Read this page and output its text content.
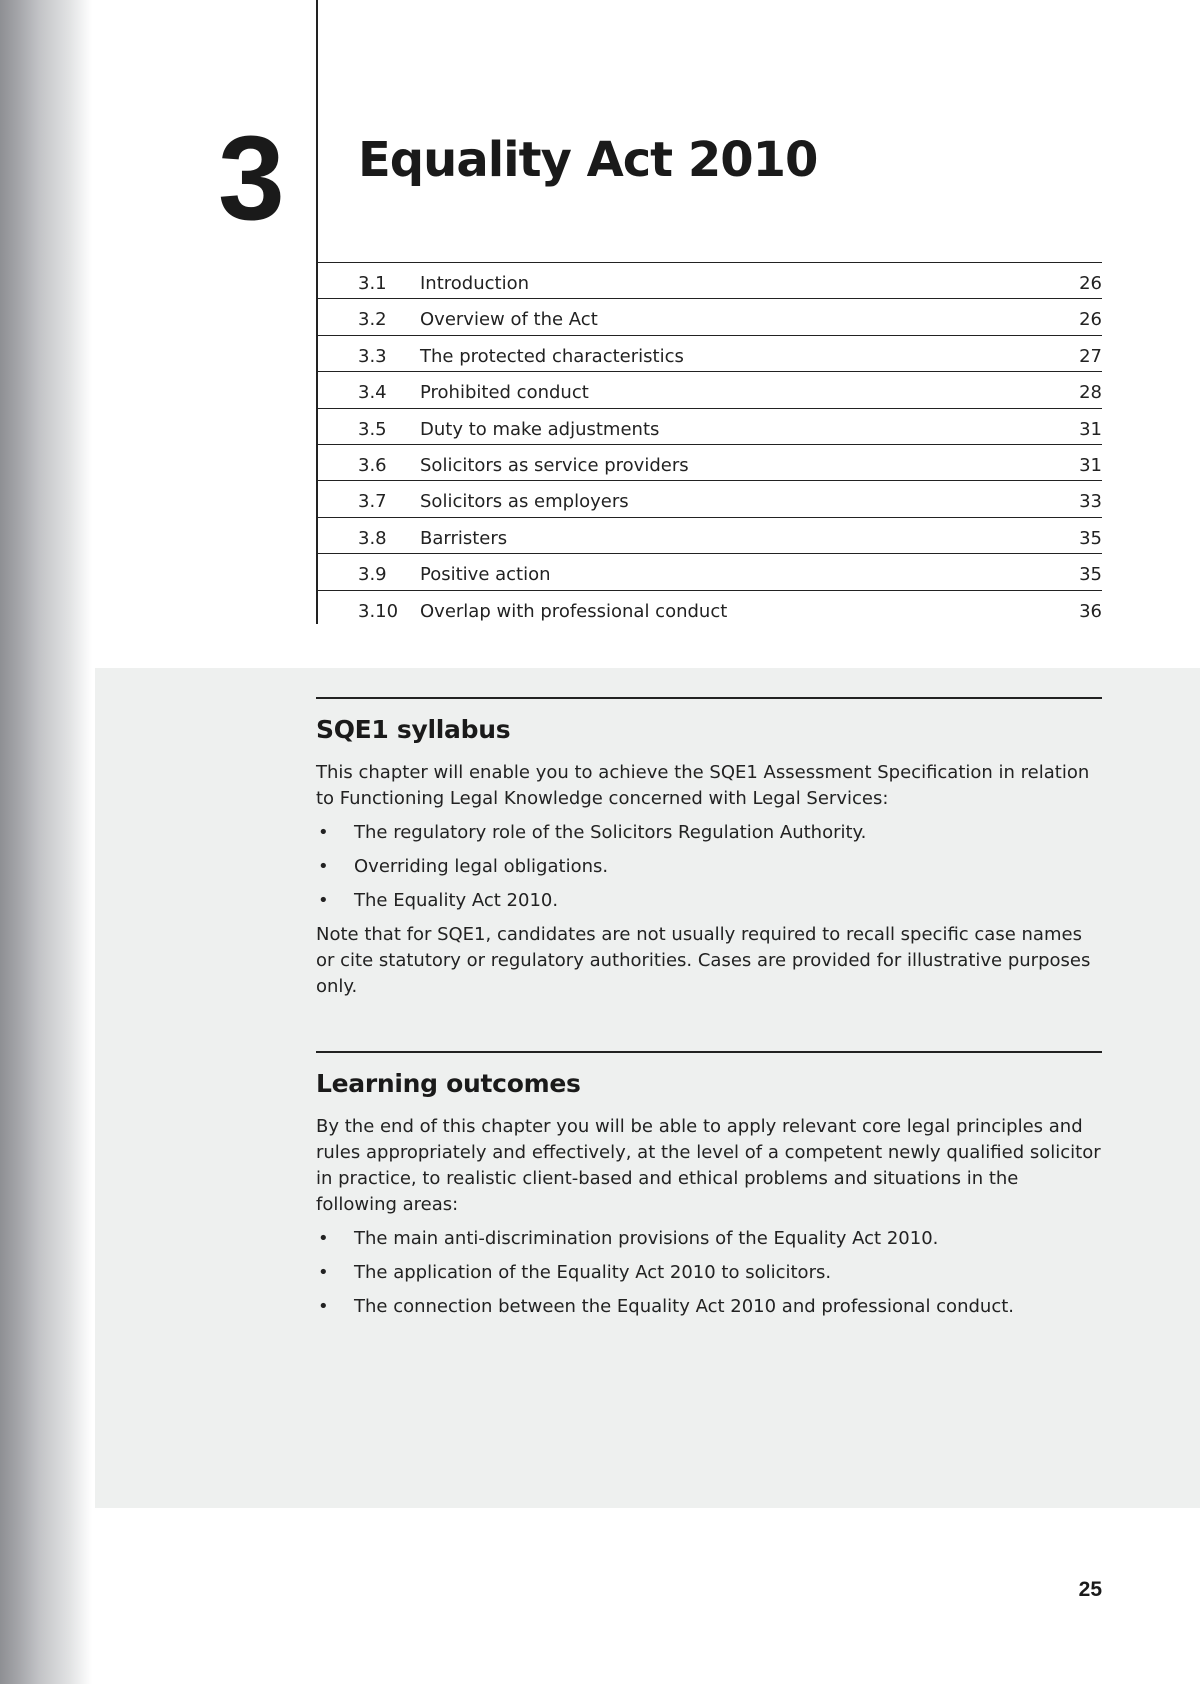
3	Equality Act 2010
3.1 Introduction	26
3.2 Overview of the Act	26
3.3 The protected characteristics	27
3.4 Prohibited conduct	28
3.5 Duty to make adjustments	31
3.6 Solicitors as service providers	31
3.7 Solicitors as employers	33
3.8 Barristers	35
3.9 Positive action	35
3.10 Overlap with professional conduct	36
SQE1 syllabus

This chapter will enable you to achieve the SQE1 Assessment Specification in relation to Functioning Legal Knowledge concerned with Legal Services:

• The regulatory role of the Solicitors Regulation Authority.
• Overriding legal obligations.
• The Equality Act 2010.

Note that for SQE1, candidates are not usually required to recall specific case names or cite statutory or regulatory authorities. Cases are provided for illustrative purposes only.

Learning outcomes

By the end of this chapter you will be able to apply relevant core legal principles and rules appropriately and effectively, at the level of a competent newly qualified solicitor in practice, to realistic client-based and ethical problems and situations in the following areas:

• The main anti-discrimination provisions of the Equality Act 2010.
• The application of the Equality Act 2010 to solicitors.
• The connection between the Equality Act 2010 and professional conduct.
25
